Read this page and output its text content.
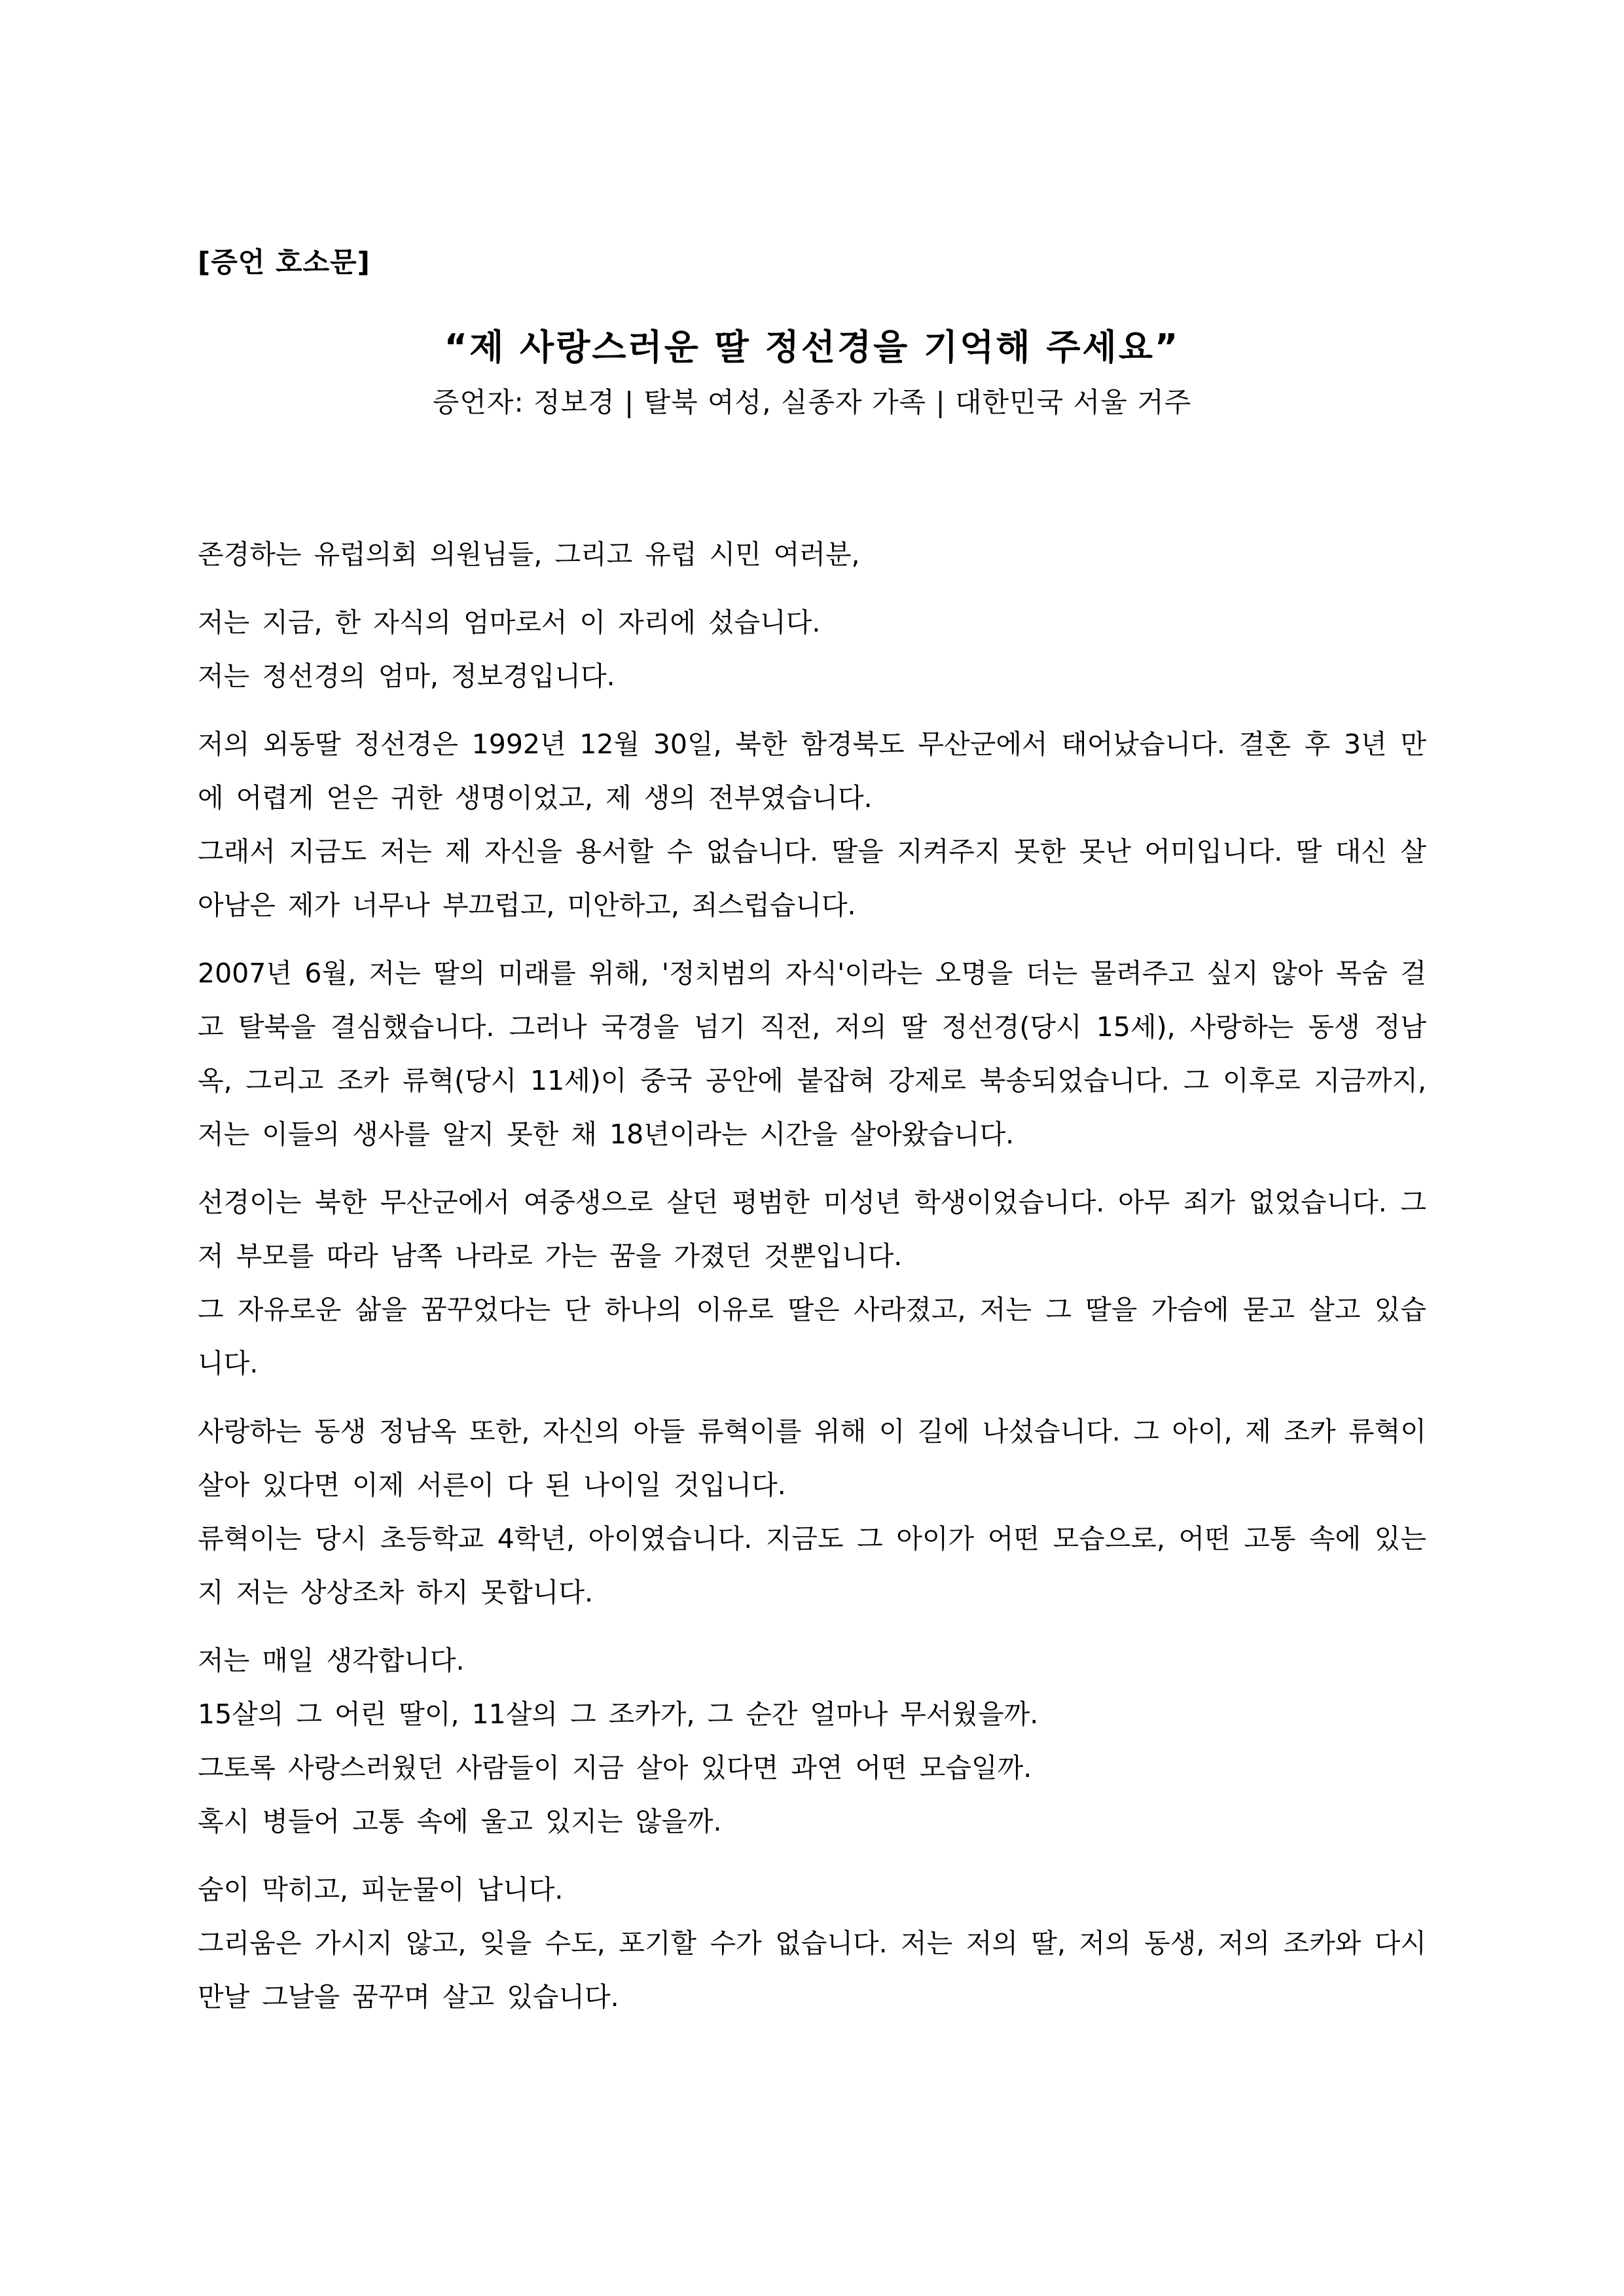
[증언 호소문]
“제 사랑스러운 딸 정선경을 기억해 주세요”
증언자: 정보경 | 탈북 여성, 실종자 가족 | 대한민국 서울 거주

존경하는 유럽의회 의원님들, 그리고 유럽 시민 여러분,

저는 지금, 한 자식의 엄마로서 이 자리에 섰습니다.
저는 정선경의 엄마, 정보경입니다.

저의 외동딸 정선경은 1992년 12월 30일, 북한 함경북도 무산군에서 태어났습니다. 결혼 후 3년 만에 어렵게 얻은 귀한 생명이었고, 제 생의 전부였습니다.
그래서 지금도 저는 제 자신을 용서할 수 없습니다. 딸을 지켜주지 못한 못난 어미입니다. 딸 대신 살아남은 제가 너무나 부끄럽고, 미안하고, 죄스럽습니다.

2007년 6월, 저는 딸의 미래를 위해, '정치범의 자식'이라는 오명을 더는 물려주고 싶지 않아 목숨 걸고 탈북을 결심했습니다. 그러나 국경을 넘기 직전, 저의 딸 정선경(당시 15세), 사랑하는 동생 정남옥, 그리고 조카 류혁(당시 11세)이 중국 공안에 붙잡혀 강제로 북송되었습니다. 그 이후로 지금까지, 저는 이들의 생사를 알지 못한 채 18년이라는 시간을 살아왔습니다.

선경이는 북한 무산군에서 여중생으로 살던 평범한 미성년 학생이었습니다. 아무 죄가 없었습니다. 그저 부모를 따라 남쪽 나라로 가는 꿈을 가졌던 것뿐입니다.
그 자유로운 삶을 꿈꾸었다는 단 하나의 이유로 딸은 사라졌고, 저는 그 딸을 가슴에 묻고 살고 있습니다.

사랑하는 동생 정남옥 또한, 자신의 아들 류혁이를 위해 이 길에 나섰습니다. 그 아이, 제 조카 류혁이 살아 있다면 이제 서른이 다 된 나이일 것입니다.
류혁이는 당시 초등학교 4학년, 아이였습니다. 지금도 그 아이가 어떤 모습으로, 어떤 고통 속에 있는지 저는 상상조차 하지 못합니다.

저는 매일 생각합니다.
15살의 그 어린 딸이, 11살의 그 조카가, 그 순간 얼마나 무서웠을까.
그토록 사랑스러웠던 사람들이 지금 살아 있다면 과연 어떤 모습일까.
혹시 병들어 고통 속에 울고 있지는 않을까.

숨이 막히고, 피눈물이 납니다.
그리움은 가시지 않고, 잊을 수도, 포기할 수가 없습니다. 저는 저의 딸, 저의 동생, 저의 조카와 다시 만날 그날을 꿈꾸며 살고 있습니다.
